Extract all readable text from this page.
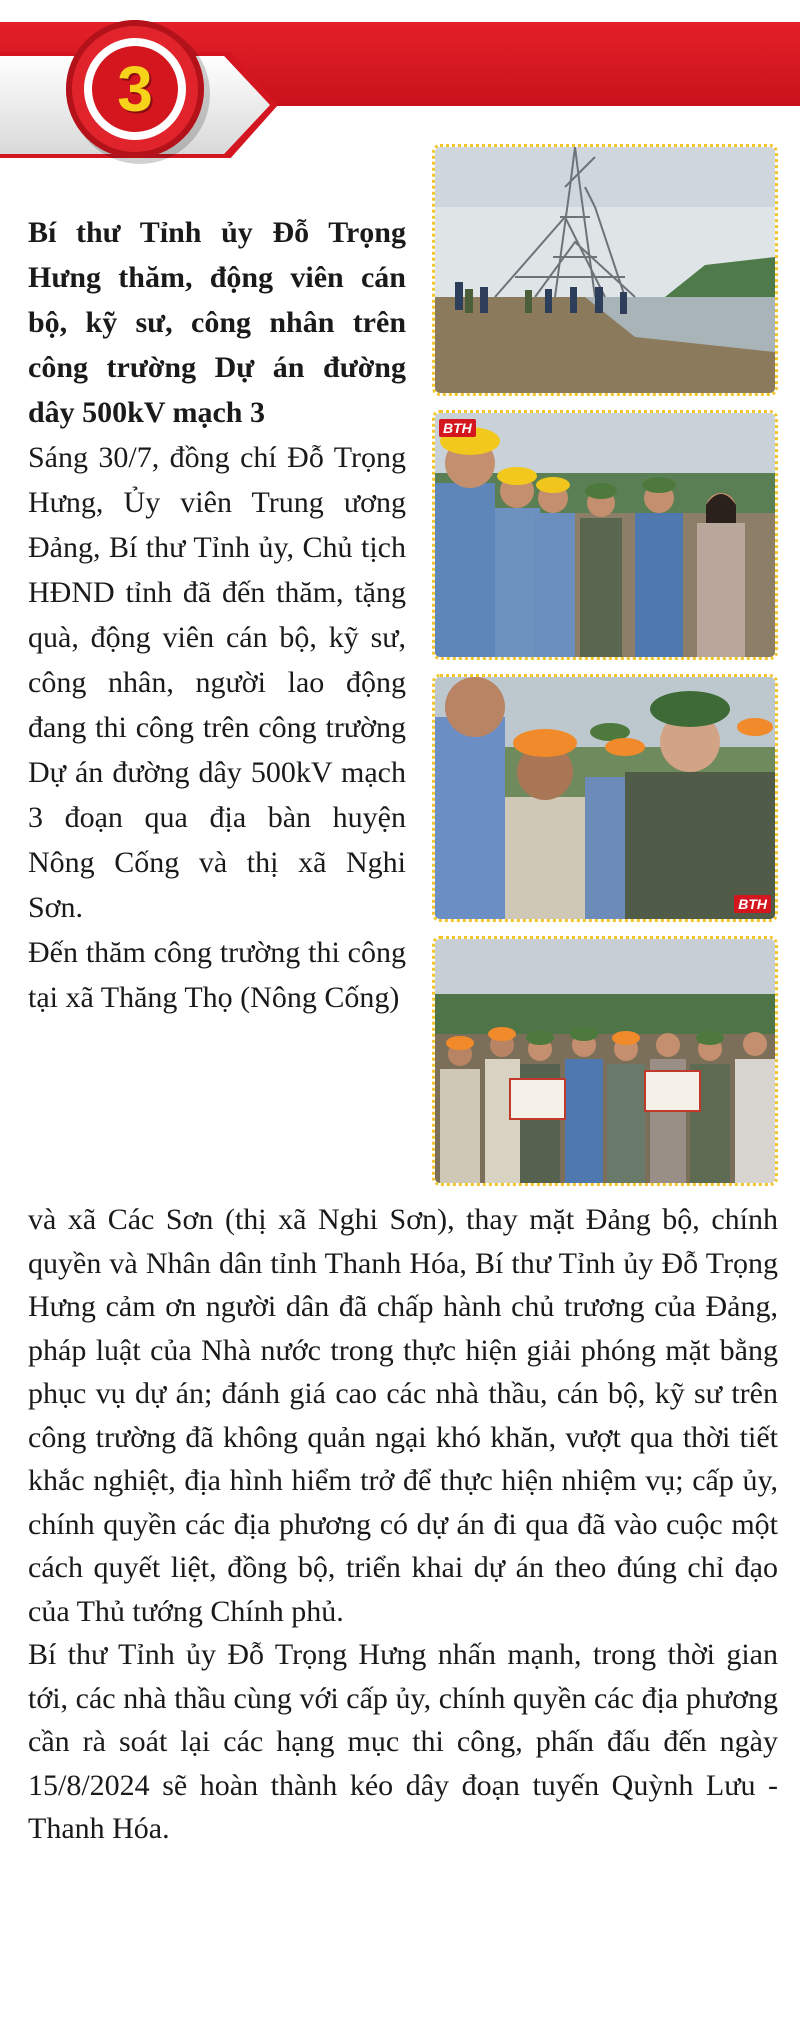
3

Bí thư Tỉnh ủy Đỗ Trọng Hưng thăm, động viên cán bộ, kỹ sư, công nhân trên công trường Dự án đường dây 500kV mạch 3

Sáng 30/7, đồng chí Đỗ Trọng Hưng, Ủy viên Trung ương Đảng, Bí thư Tỉnh ủy, Chủ tịch HĐND tỉnh đã đến thăm, tặng quà, động viên cán bộ, kỹ sư, công nhân, người lao động đang thi công trên công trường Dự án đường dây 500kV mạch 3 đoạn qua địa bàn huyện Nông Cống và thị xã Nghi Sơn.

Đến thăm công trường thi công tại xã Thăng Thọ (Nông Cống)

BTH
BTH

và xã Các Sơn (thị xã Nghi Sơn), thay mặt Đảng bộ, chính quyền và Nhân dân tỉnh Thanh Hóa, Bí thư Tỉnh ủy Đỗ Trọng Hưng cảm ơn người dân đã chấp hành chủ trương của Đảng, pháp luật của Nhà nước trong thực hiện giải phóng mặt bằng phục vụ dự án; đánh giá cao các nhà thầu, cán bộ, kỹ sư trên công trường đã không quản ngại khó khăn, vượt qua thời tiết khắc nghiệt, địa hình hiểm trở để thực hiện nhiệm vụ; cấp ủy, chính quyền các địa phương có dự án đi qua đã vào cuộc một cách quyết liệt, đồng bộ, triển khai dự án theo đúng chỉ đạo của Thủ tướng Chính phủ.

Bí thư Tỉnh ủy Đỗ Trọng Hưng nhấn mạnh, trong thời gian tới, các nhà thầu cùng với cấp ủy, chính quyền các địa phương cần rà soát lại các hạng mục thi công, phấn đấu đến ngày 15/8/2024 sẽ hoàn thành kéo dây đoạn tuyến Quỳnh Lưu - Thanh Hóa.
